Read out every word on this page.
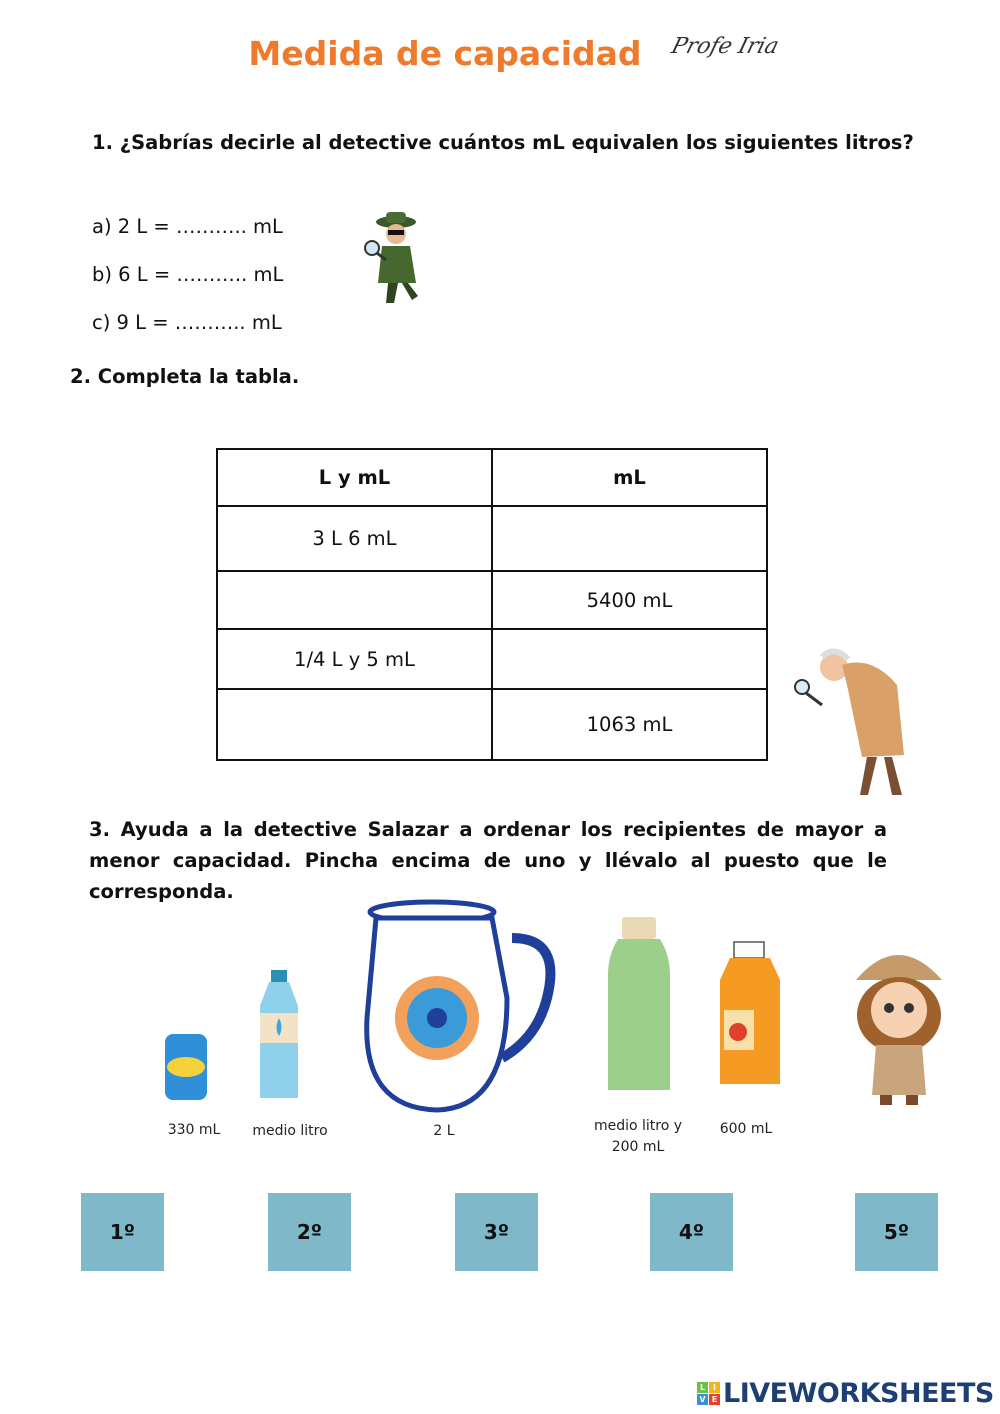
Medida de capacidad	Profe Iria
1. ¿Sabrías decirle al detective cuántos mL equivalen los siguientes litros?
a) 2 L = ……….. mL
b) 6 L = ……….. mL
c) 9 L = ……….. mL
2. Completa la tabla.
L y mL	mL
3 L 6 mL	
	5400 mL
1/4 L y 5 mL	
	1063 mL
3. Ayuda a la detective Salazar a ordenar los recipientes de mayor a menor capacidad. Pincha encima de uno y llévalo al puesto que le corresponda.
330 mL	medio litro	2 L	medio litro y 200 mL
600 mL
1º	2º	3º	4º	5º
L I
V E LIVEWORKSHEETS
